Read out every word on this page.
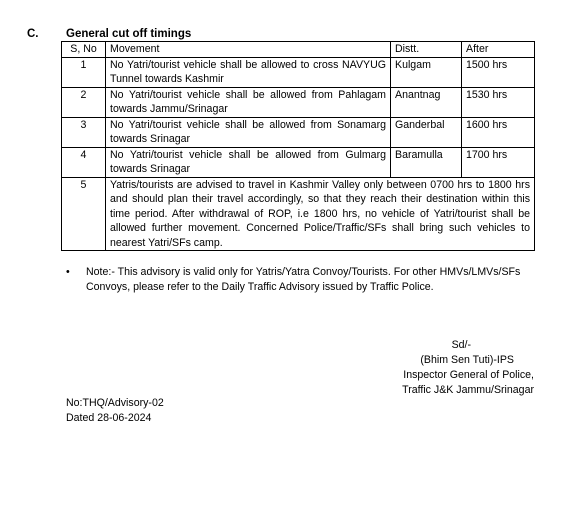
C. General cut off timings
S, No	Movement	Distt.	After
1	No Yatri/tourist vehicle shall be allowed to cross NAVYUG Tunnel towards Kashmir	Kulgam	1500 hrs
2	No Yatri/tourist vehicle shall be allowed from Pahlagam towards Jammu/Srinagar	Anantnag	1530 hrs
3	No Yatri/tourist vehicle shall be allowed from Sonamarg towards Srinagar	Ganderbal	1600 hrs
4	No Yatri/tourist vehicle shall be allowed from Gulmarg towards Srinagar	Baramulla	1700 hrs
5	Yatris/tourists are advised to travel in Kashmir Valley only between 0700 hrs to 1800 hrs and should plan their travel accordingly, so that they reach their destination within this time period. After withdrawal of ROP, i.e 1800 hrs, no vehicle of Yatri/tourist shall be allowed further movement. Concerned Police/Traffic/SFs shall bring such vehicles to nearest Yatri/SFs camp.		
• Note:- This advisory is valid only for Yatris/Yatra Convoy/Tourists. For other HMVs/LMVs/SFs Convoys, please refer to the Daily Traffic Advisory issued by Traffic Police.
Sd/-
(Bhim Sen Tuti)-IPS
Inspector General of Police,
Traffic J&K Jammu/Srinagar
No:THQ/Advisory-02
Dated 28-06-2024
